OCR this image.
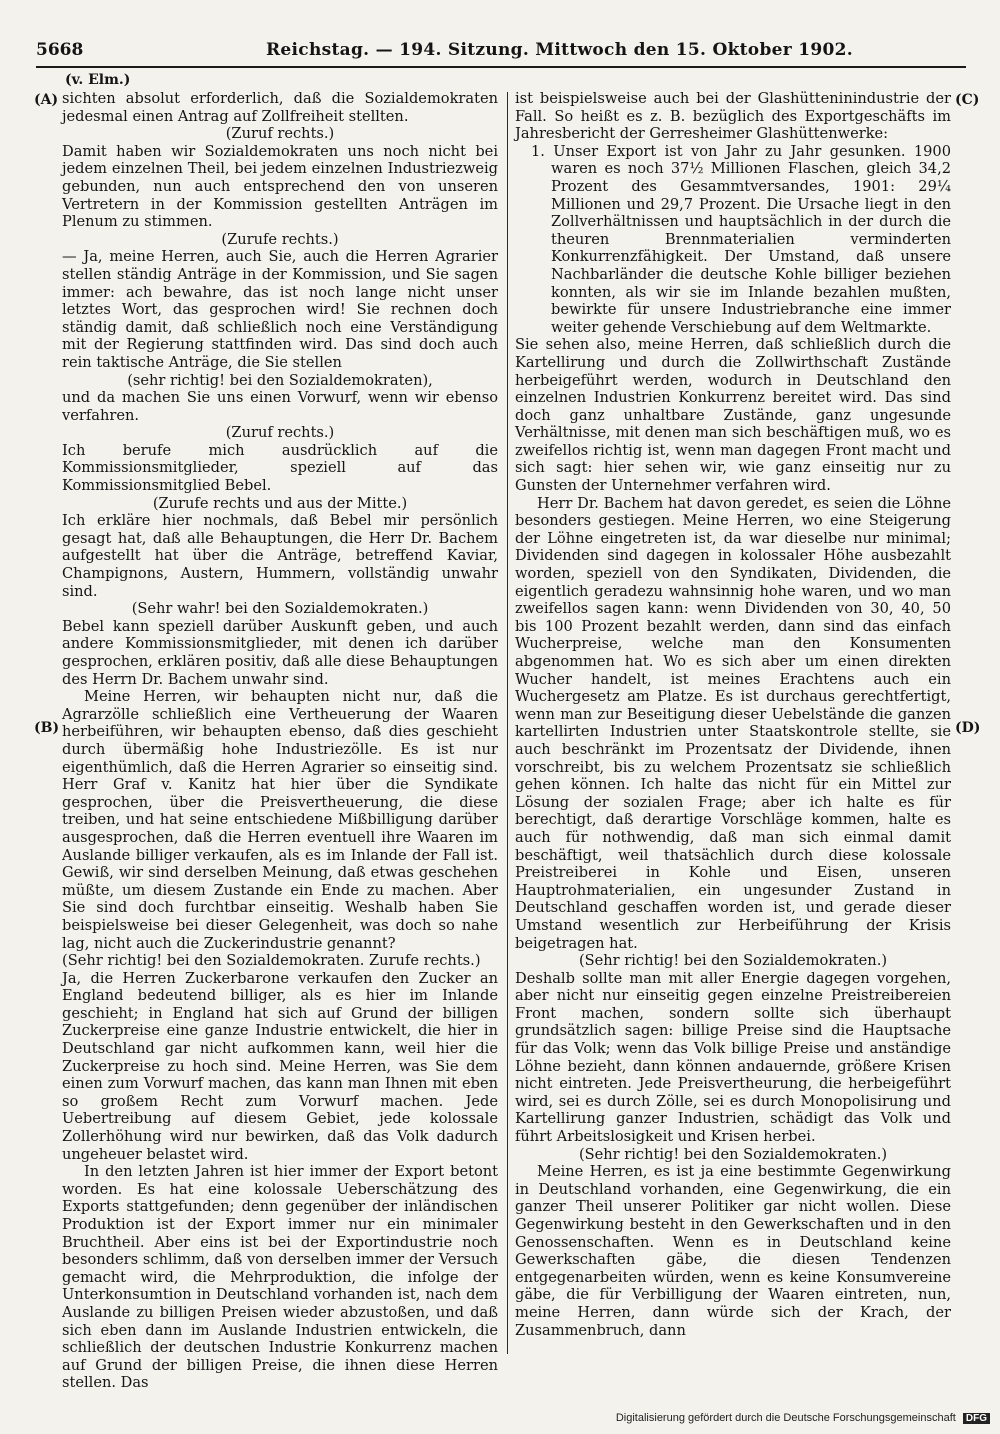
5668	Reichstag. — 194. Sitzung. Mittwoch den 15. Oktober 1902.
(A)
(B)
(C)
(D)
(v. Elm.)

sichten absolut erforderlich, daß die Sozialdemokraten jedesmal einen Antrag auf Zollfreiheit stellten.

(Zuruf rechts.)

Damit haben wir Sozialdemokraten uns noch nicht bei jedem einzelnen Theil, bei jedem einzelnen Industriezweig gebunden, nun auch entsprechend den von unseren Vertretern in der Kommission gestellten Anträgen im Plenum zu stimmen.

(Zurufe rechts.)

— Ja, meine Herren, auch Sie, auch die Herren Agrarier stellen ständig Anträge in der Kommission, und Sie sagen immer: ach bewahre, das ist noch lange nicht unser letztes Wort, das gesprochen wird! Sie rechnen doch ständig damit, daß schließlich noch eine Verständigung mit der Regierung stattfinden wird. Das sind doch auch rein taktische Anträge, die Sie stellen

(sehr richtig! bei den Sozialdemokraten),

und da machen Sie uns einen Vorwurf, wenn wir ebenso verfahren.

(Zuruf rechts.)

Ich berufe mich ausdrücklich auf die Kommissionsmitglieder, speziell auf das Kommissionsmitglied Bebel.

(Zurufe rechts und aus der Mitte.)

Ich erkläre hier nochmals, daß Bebel mir persönlich gesagt hat, daß alle Behauptungen, die Herr Dr. Bachem aufgestellt hat über die Anträge, betreffend Kaviar, Champignons, Austern, Hummern, vollständig unwahr sind.

(Sehr wahr! bei den Sozialdemokraten.)

Bebel kann speziell darüber Auskunft geben, und auch andere Kommissionsmitglieder, mit denen ich darüber gesprochen, erklären positiv, daß alle diese Behauptungen des Herrn Dr. Bachem unwahr sind.

Meine Herren, wir behaupten nicht nur, daß die Agrarzölle schließlich eine Vertheuerung der Waaren herbeiführen, wir behaupten ebenso, daß dies geschieht durch übermäßig hohe Industriezölle. Es ist nur eigenthümlich, daß die Herren Agrarier so einseitig sind. Herr Graf v. Kanitz hat hier über die Syndikate gesprochen, über die Preisvertheuerung, die diese treiben, und hat seine entschiedene Mißbilligung darüber ausgesprochen, daß die Herren eventuell ihre Waaren im Auslande billiger verkaufen, als es im Inlande der Fall ist. Gewiß, wir sind derselben Meinung, daß etwas geschehen müßte, um diesem Zustande ein Ende zu machen. Aber Sie sind doch furchtbar einseitig. Weshalb haben Sie beispielsweise bei dieser Gelegenheit, was doch so nahe lag, nicht auch die Zuckerindustrie genannt?

(Sehr richtig! bei den Sozialdemokraten. Zurufe rechts.)

Ja, die Herren Zuckerbarone verkaufen den Zucker an England bedeutend billiger, als es hier im Inlande geschieht; in England hat sich auf Grund der billigen Zuckerpreise eine ganze Industrie entwickelt, die hier in Deutschland gar nicht aufkommen kann, weil hier die Zuckerpreise zu hoch sind. Meine Herren, was Sie dem einen zum Vorwurf machen, das kann man Ihnen mit eben so großem Recht zum Vorwurf machen. Jede Uebertreibung auf diesem Gebiet, jede kolossale Zollerhöhung wird nur bewirken, daß das Volk dadurch ungeheuer belastet wird.

In den letzten Jahren ist hier immer der Export betont worden. Es hat eine kolossale Ueberschätzung des Exports stattgefunden; denn gegenüber der inländischen Produktion ist der Export immer nur ein minimaler Bruchtheil. Aber eins ist bei der Exportindustrie noch besonders schlimm, daß von derselben immer der Versuch gemacht wird, die Mehrproduktion, die infolge der Unterkonsumtion in Deutschland vorhanden ist, nach dem Auslande zu billigen Preisen wieder abzustoßen, und daß sich eben dann im Auslande Industrien entwickeln, die schließlich der deutschen Industrie Konkurrenz machen auf Grund der billigen Preise, die ihnen diese Herren stellen. Das

ist beispielsweise auch bei der Glashütteninindustrie der Fall. So heißt es z. B. bezüglich des Exportgeschäfts im Jahresbericht der Gerresheimer Glashüttenwerke:

1. Unser Export ist von Jahr zu Jahr gesunken. 1900 waren es noch 37½ Millionen Flaschen, gleich 34,2 Prozent des Gesammtversandes, 1901: 29¼ Millionen und 29,7 Prozent. Die Ursache liegt in den Zollverhältnissen und hauptsächlich in der durch die theuren Brennmaterialien verminderten Konkurrenzfähigkeit. Der Umstand, daß unsere Nachbarländer die deutsche Kohle billiger beziehen konnten, als wir sie im Inlande bezahlen mußten, bewirkte für unsere Industriebranche eine immer weiter gehende Verschiebung auf dem Weltmarkte.

Sie sehen also, meine Herren, daß schließlich durch die Kartellirung und durch die Zollwirthschaft Zustände herbeigeführt werden, wodurch in Deutschland den einzelnen Industrien Konkurrenz bereitet wird. Das sind doch ganz unhaltbare Zustände, ganz ungesunde Verhältnisse, mit denen man sich beschäftigen muß, wo es zweifellos richtig ist, wenn man dagegen Front macht und sich sagt: hier sehen wir, wie ganz einseitig nur zu Gunsten der Unternehmer verfahren wird.

Herr Dr. Bachem hat davon geredet, es seien die Löhne besonders gestiegen. Meine Herren, wo eine Steigerung der Löhne eingetreten ist, da war dieselbe nur minimal; Dividenden sind dagegen in kolossaler Höhe ausbezahlt worden, speziell von den Syndikaten, Dividenden, die eigentlich geradezu wahnsinnig hohe waren, und wo man zweifellos sagen kann: wenn Dividenden von 30, 40, 50 bis 100 Prozent bezahlt werden, dann sind das einfach Wucherpreise, welche man den Konsumenten abgenommen hat. Wo es sich aber um einen direkten Wucher handelt, ist meines Erachtens auch ein Wuchergesetz am Platze. Es ist durchaus gerechtfertigt, wenn man zur Beseitigung dieser Uebelstände die ganzen kartellirten Industrien unter Staatskontrole stellte, sie auch beschränkt im Prozentsatz der Dividende, ihnen vorschreibt, bis zu welchem Prozentsatz sie schließlich gehen können. Ich halte das nicht für ein Mittel zur Lösung der sozialen Frage; aber ich halte es für berechtigt, daß derartige Vorschläge kommen, halte es auch für nothwendig, daß man sich einmal damit beschäftigt, weil thatsächlich durch diese kolossale Preistreiberei in Kohle und Eisen, unseren Hauptrohmaterialien, ein ungesunder Zustand in Deutschland geschaffen worden ist, und gerade dieser Umstand wesentlich zur Herbeiführung der Krisis beigetragen hat.

(Sehr richtig! bei den Sozialdemokraten.)

Deshalb sollte man mit aller Energie dagegen vorgehen, aber nicht nur einseitig gegen einzelne Preistreibereien Front machen, sondern sollte sich überhaupt grundsätzlich sagen: billige Preise sind die Hauptsache für das Volk; wenn das Volk billige Preise und anständige Löhne bezieht, dann können andauernde, größere Krisen nicht eintreten. Jede Preisvertheurung, die herbeigeführt wird, sei es durch Zölle, sei es durch Monopolisirung und Kartellirung ganzer Industrien, schädigt das Volk und führt Arbeitslosigkeit und Krisen herbei.

(Sehr richtig! bei den Sozialdemokraten.)

Meine Herren, es ist ja eine bestimmte Gegenwirkung in Deutschland vorhanden, eine Gegenwirkung, die ein ganzer Theil unserer Politiker gar nicht wollen. Diese Gegenwirkung besteht in den Gewerkschaften und in den Genossenschaften. Wenn es in Deutschland keine Gewerkschaften gäbe, die diesen Tendenzen entgegenarbeiten würden, wenn es keine Konsumvereine gäbe, die für Verbilligung der Waaren eintreten, nun, meine Herren, dann würde sich der Krach, der Zusammenbruch, dann

Digitalisierung gefördert durch die Deutsche Forschungsgemeinschaft DFG
